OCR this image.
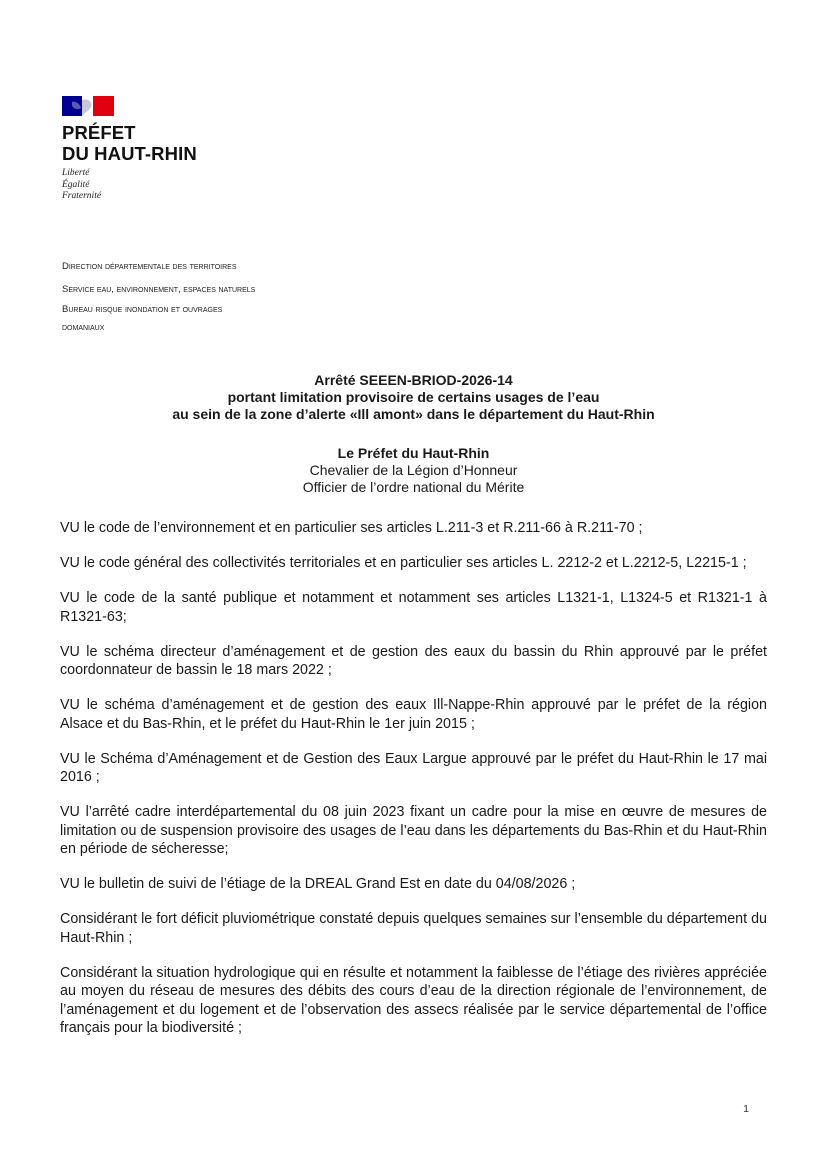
PRÉFET
DU HAUT-RHIN
Liberté
Égalité
Fraternité
Direction départementale des territoires
Service eau, environnement, espaces naturels
Bureau risque inondation et ouvrages
domaniaux
Arrêté SEEEN-BRIOD-2026-14
portant limitation provisoire de certains usages de l’eau
au sein de la zone d’alerte «Ill amont» dans le département du Haut-Rhin
Le Préfet du Haut-Rhin
Chevalier de la Légion d’Honneur
Officier de l’ordre national du Mérite

VU le code de l’environnement et en particulier ses articles L.211-3 et R.211-66 à R.211-70 ;

VU le code général des collectivités territoriales et en particulier ses articles L. 2212-2 et L.2212-5, L2215-1 ;

VU le code de la santé publique et notamment et notamment ses articles L1321-1, L1324-5 et R1321-1 à R1321-63;

VU le schéma directeur d’aménagement et de gestion des eaux du bassin du Rhin approuvé par le préfet coordonnateur de bassin le 18 mars 2022 ;

VU le schéma d’aménagement et de gestion des eaux Ill-Nappe-Rhin approuvé par le préfet de la région Alsace et du Bas-Rhin, et le préfet du Haut-Rhin le 1er juin 2015 ;

VU le Schéma d’Aménagement et de Gestion des Eaux Largue approuvé par le préfet du Haut-Rhin le 17 mai 2016 ;

VU l’arrêté cadre interdépartemental du 08 juin 2023 fixant un cadre pour la mise en œuvre de mesures de limitation ou de suspension provisoire des usages de l’eau dans les départements du Bas-Rhin et du Haut-Rhin en période de sécheresse;

VU le bulletin de suivi de l’étiage de la DREAL Grand Est en date du 04/08/2026 ;

Considérant le fort déficit pluviométrique constaté depuis quelques semaines sur l’ensemble du département du Haut-Rhin ;

Considérant la situation hydrologique qui en résulte et notamment la faiblesse de l’étiage des rivières appréciée au moyen du réseau de mesures des débits des cours d’eau de la direction régionale de l’environnement, de l’aménagement et du logement et de l’observation des assecs réalisée par le service départemental de l’office français pour la biodiversité ;

1
